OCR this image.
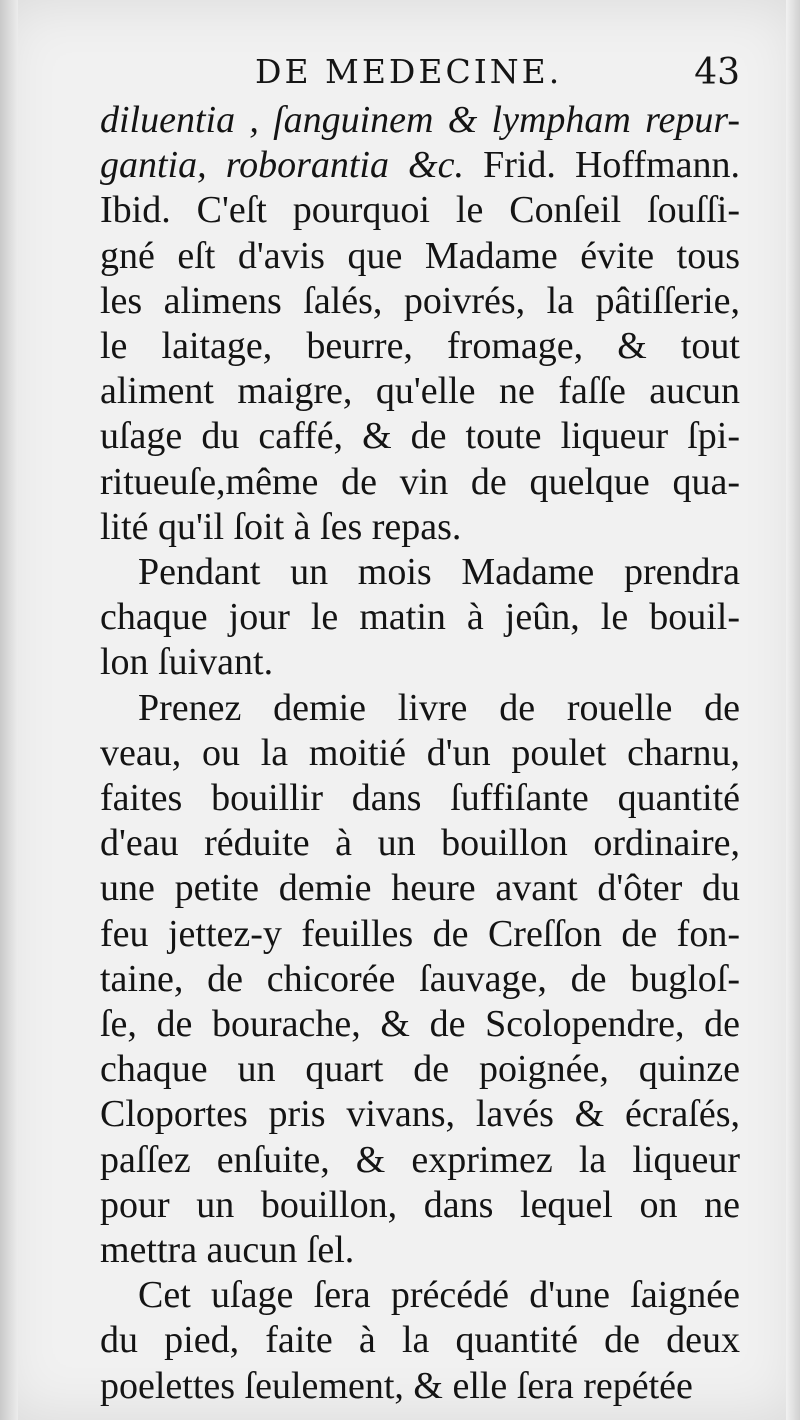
DE MEDECINE.	43
diluentia , ſanguinem & lympham repur-
gantia, roborantia &c. Frid. Hoffmann.
Ibid. C'eſt pourquoi le Conſeil ſouſſi-
gné eſt d'avis que Madame évite tous
les alimens ſalés, poivrés, la pâtiſſerie,
le laitage, beurre, fromage, & tout
aliment maigre, qu'elle ne faſſe aucun
uſage du caffé, & de toute liqueur ſpi-
ritueuſe,même de vin de quelque qua-
lité qu'il ſoit à ſes repas.
Pendant un mois Madame prendra
chaque jour le matin à jeûn, le bouil-
lon ſuivant.
Prenez demie livre de rouelle de
veau, ou la moitié d'un poulet charnu,
faites bouillir dans ſuffiſante quantité
d'eau réduite à un bouillon ordinaire,
une petite demie heure avant d'ôter du
feu jettez-y feuilles de Creſſon de fon-
taine, de chicorée ſauvage, de bugloſ-
ſe, de bourache, & de Scolopendre, de
chaque un quart de poignée, quinze
Cloportes pris vivans, lavés & écraſés,
paſſez enſuite, & exprimez la liqueur
pour un bouillon, dans lequel on ne
mettra aucun ſel.
Cet uſage ſera précédé d'une ſaignée
du pied, faite à la quantité de deux
poelettes ſeulement, & elle ſera repétée
